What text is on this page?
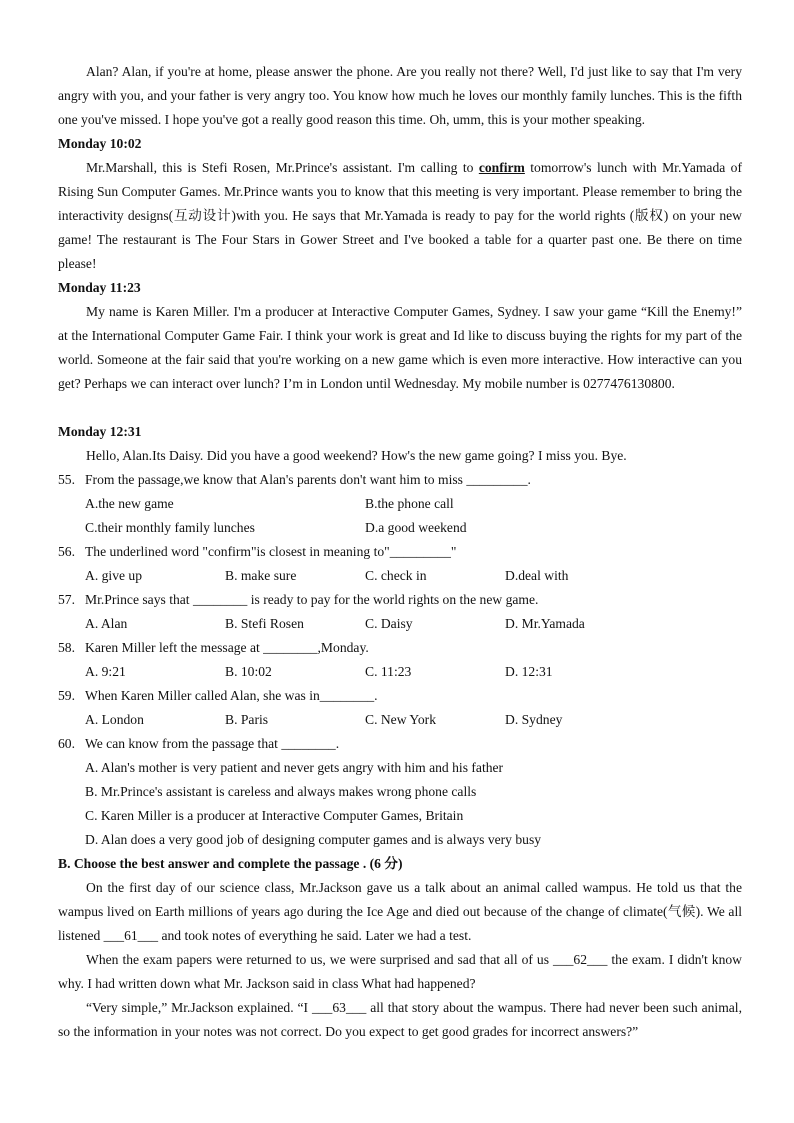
Alan? Alan, if you're at home, please answer the phone. Are you really not there? Well, I'd just like to say that I'm very angry with you, and your father is very angry too. You know how much he loves our monthly family lunches. This is the fifth one you've missed. I hope you've got a really good reason this time. Oh, umm, this is your mother speaking.

Monday 10:02

Mr.Marshall, this is Stefi Rosen, Mr.Prince's assistant. I'm calling to confirm tomorrow's lunch with Mr.Yamada of Rising Sun Computer Games. Mr.Prince wants you to know that this meeting is very important. Please remember to bring the interactivity designs(互动设计)with you. He says that Mr.Yamada is ready to pay for the world rights (版权) on your new game! The restaurant is The Four Stars in Gower Street and I've booked a table for a quarter past one. Be there on time please!

Monday 11:23

My name is Karen Miller. I'm a producer at Interactive Computer Games, Sydney. I saw your game “Kill the Enemy!” at the International Computer Game Fair. I think your work is great and Id like to discuss buying the rights for my part of the world. Someone at the fair said that you're working on a new game which is even more interactive. How interactive can you get? Perhaps we can interact over lunch? I’m in London until Wednesday. My mobile number is 0277476130800.

Monday 12:31

Hello, Alan.Its Daisy. Did you have a good weekend? How's the new game going? I miss you. Bye.

55. From the passage,we know that Alan's parents don't want him to miss _________.

A.the new game	B.the phone call

C.their monthly family lunches	D.a good weekend

56. The underlined word "confirm"is closest in meaning to"_________"

A. give up	B. make sure	C. check in	D.deal with

57. Mr.Prince says that ________ is ready to pay for the world rights on the new game.

A. Alan	B. Stefi Rosen	C. Daisy	D. Mr.Yamada

58. Karen Miller left the message at ________,Monday.

A. 9:21	B. 10:02	C. 11:23	D. 12:31

59. When Karen Miller called Alan, she was in________.

A. London	B. Paris	C. New York	D. Sydney

60. We can know from the passage that ________.

A. Alan's mother is very patient and never gets angry with him and his father

B. Mr.Prince's assistant is careless and always makes wrong phone calls

C. Karen Miller is a producer at Interactive Computer Games, Britain

D. Alan does a very good job of designing computer games and is always very busy

B. Choose the best answer and complete the passage . (6 分)

On the first day of our science class, Mr.Jackson gave us a talk about an animal called wampus. He told us that the wampus lived on Earth millions of years ago during the Ice Age and died out because of the change of climate(气候). We all listened ___61___ and took notes of everything he said. Later we had a test.

When the exam papers were returned to us, we were surprised and sad that all of us ___62___ the exam. I didn't know why. I had written down what Mr. Jackson said in class What had happened?

“Very simple,” Mr.Jackson explained. “I ___63___ all that story about the wampus. There had never been such animal, so the information in your notes was not correct. Do you expect to get good grades for incorrect answers?”
